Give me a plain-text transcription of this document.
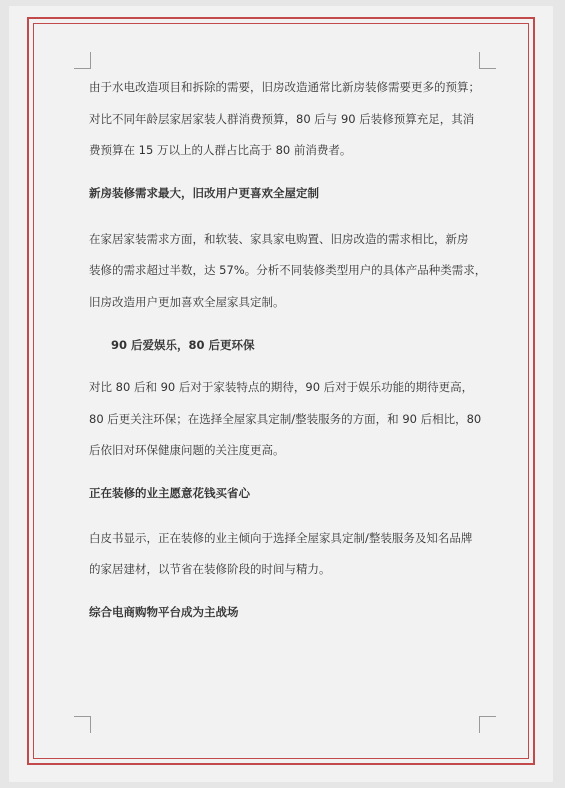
由于水电改造项目和拆除的需要，旧房改造通常比新房装修需要更多的预算；

对比不同年龄层家居家装人群消费预算，80 后与 90 后装修预算充足，其消

费预算在 15 万以上的人群占比高于 80 前消费者。

新房装修需求最大，旧改用户更喜欢全屋定制

在家居家装需求方面，和软装、家具家电购置、旧房改造的需求相比，新房

装修的需求超过半数，达 57%。分析不同装修类型用户的具体产品种类需求，

旧房改造用户更加喜欢全屋家具定制。

90 后爱娱乐，80 后更环保

对比 80 后和 90 后对于家装特点的期待，90 后对于娱乐功能的期待更高，

80 后更关注环保；在选择全屋家具定制/整装服务的方面，和 90 后相比，80

后依旧对环保健康问题的关注度更高。

正在装修的业主愿意花钱买省心

白皮书显示，正在装修的业主倾向于选择全屋家具定制/整装服务及知名品牌

的家居建材，以节省在装修阶段的时间与精力。

综合电商购物平台成为主战场
